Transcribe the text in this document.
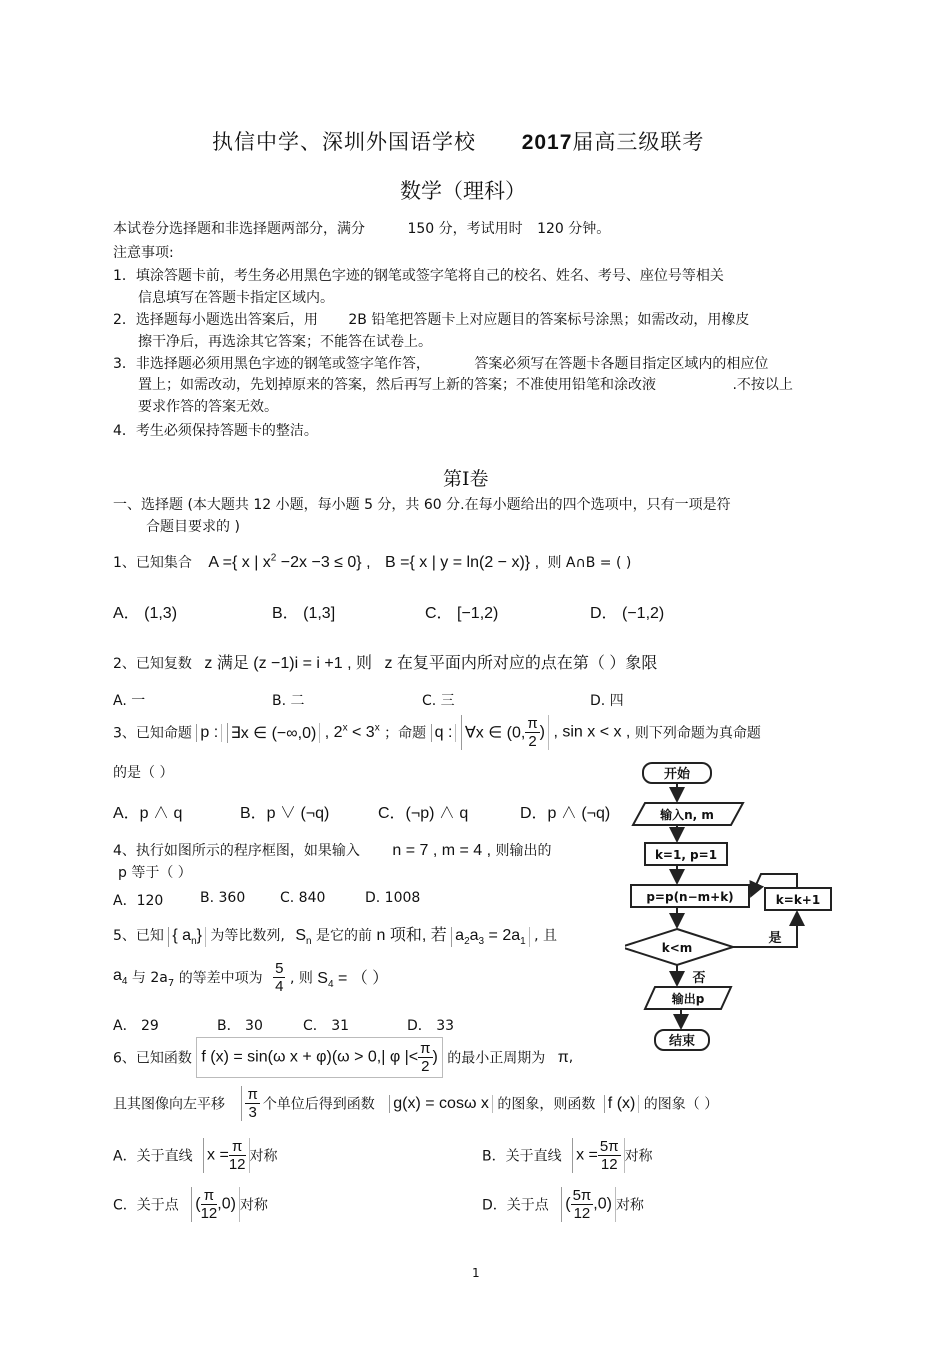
执信中学、深圳外国语学校 2017届高三级联考
数学（理科）
本试卷分选择题和非选择题两部分，满分	150 分，考试用时 120 分钟。
注意事项:
1．填涂答题卡前，考生务必用黑色字迹的钢笔或签字笔将自己的校名、姓名、考号、座位号等相关
信息填写在答题卡指定区域内。
2．选择题每小题选出答案后，用 2B 铅笔把答题卡上对应题目的答案标号涂黑；如需改动，用橡皮
擦干净后，再选涂其它答案；不能答在试卷上。
3．非选择题必须用黑色字迹的钢笔或签字笔作答，	答案必须写在答题卡各题目指定区域内的相应位
置上；如需改动，先划掉原来的答案，然后再写上新的答案；不准使用铅笔和涂改液	.不按以上
要求作答的答案无效。
4．考生必须保持答题卡的整洁。
第Ⅰ卷
一、选择题 (本大题共 12 小题，每小题 5 分，共 60 分.在每小题给出的四个选项中，只有一项是符
合题目要求的 )
1、已知集合 A ={ x | $x^2 -2x -3 \le 0$} , B ={ x | y = ln(2 − x)} , 则 A∩B = ( )
A． (1,3)	B． (1,3]	C． [−1,2)	D． (−1,2)
2、已知复数 z 满足 (z −1)i = i +1 , 则 z 在复平面内所对应的点在第（ ）象限
A. 一	B. 二	C. 三	D. 四
3、已知命题 p : ∃x ∈ (−∞,0) , $2^x < 3^x$ ；命题 q : ∀x ∈ (0, $\frac{\pi}{2}$ ) , sin x < x , 则下列命题为真命题
的是（ ）
A．p ∧ q	B．p ∨ (¬q)	C．(¬p) ∧ q	D．p ∧ (¬q)
4、执行如图所示的程序框图，如果输入 n = 7 , m = 4 , 则输出的
p 等于（ ）
A．120	B. 360 C. 840	D. 1008
开始
输入n, m
k=1, p=1
p=p(n−m+k)	k=k+1
k<m
是
否
输出p
结束
5、已知 { $a_n$} 为等比数列, $S_n$ 是它的前 n 项和, 若 $a_2a_3 = 2a_1$ , 且
$a_4$ 与 $2a_7$ 的等差中项为 $\frac{5}{4}$ , 则 $S_4$ = （ ）
A． 29	B． 30	C． 31	D． 33
6、已知函数 f (x) = sin(ω x + φ)(ω > 0,| φ |< $\frac{\pi}{2}$ ) 的最小正周期为 π,
且其图像向左平移 $\frac{\pi}{3}$ 个单位后得到函数 g(x) = cosω x 的图象，则函数 f (x) 的图象（ ）
A．关于直线 $x = \frac{\pi}{12}$ 对称	B．关于直线 $x = \frac{5\pi}{12}$ 对称
C．关于点 ( $\frac{\pi}{12} ,0$) 对称	D．关于点 ( $\frac{5\pi}{12} ,0$) 对称
1
